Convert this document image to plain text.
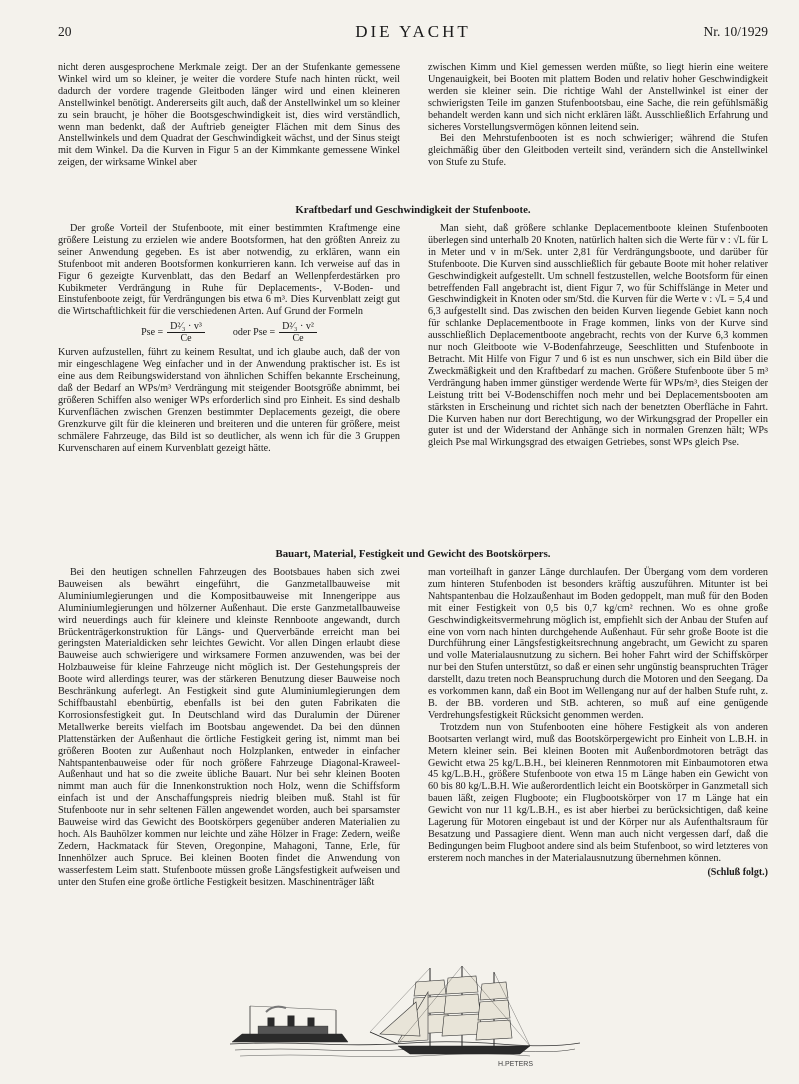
20	DIE YACHT	Nr. 10/1929

nicht deren ausgesprochene Merkmale zeigt. Der an der Stufenkante gemessene Winkel wird um so kleiner, je weiter die vordere Stufe nach hinten rückt, weil dadurch der vordere tragende Gleitboden länger wird und einen kleineren Anstellwinkel benötigt. Andererseits gilt auch, daß der Anstellwinkel um so kleiner zu sein braucht, je höher die Bootsgeschwindigkeit ist, dies wird verständlich, wenn man bedenkt, daß der Auftrieb geneigter Flächen mit dem Sinus des Anstellwinkels und dem Quadrat der Geschwindigkeit wächst, und der Sinus steigt mit dem Winkel. Da die Kurven in Figur 5 an der Kimmkante gemessene Winkel zeigen, der wirksame Winkel aber

zwischen Kimm und Kiel gemessen werden müßte, so liegt hierin eine weitere Ungenauigkeit, bei Booten mit plattem Boden und relativ hoher Geschwindigkeit werden sie kleiner sein. Die richtige Wahl der Anstellwinkel ist einer der schwierigsten Teile im ganzen Stufenbootsbau, eine Sache, die rein gefühlsmäßig behandelt werden kann und sich nicht erklären läßt. Ausschließlich Erfahrung und sicheres Vorstellungsvermögen können leitend sein.

Bei den Mehrstufenbooten ist es noch schwieriger; während die Stufen gleichmäßig über den Gleitboden verteilt sind, verändern sich die Anstellwinkel von Stufe zu Stufe.

Kraftbedarf und Geschwindigkeit der Stufenboote.

Der große Vorteil der Stufenboote, mit einer bestimmten Kraftmenge eine größere Leistung zu erzielen wie andere Bootsformen, hat den größten Anreiz zu seiner Anwendung gegeben. Es ist aber notwendig, zu erklären, wann ein Stufenboot mit anderen Bootsformen konkurrieren kann. Ich verweise auf das in Figur 6 gezeigte Kurvenblatt, das den Bedarf an Wellenpferdestärken pro Kubikmeter Verdrängung in Ruhe für Deplacements-, V-Boden- und Einstufenboote zeigt, für Verdrängungen bis etwa 6 m³. Dies Kurvenblatt zeigt gut die Wirtschaftlichkeit für die verschiedenen Arten. Auf Grund der Formeln

Pse = $\frac{\text{D²⁄₃ · v³}}{Ce}$	oder Pse = $\frac{\text{D²⁄₃ · v²}}{Ce}$

Kurven aufzustellen, führt zu keinem Resultat, und ich glaube auch, daß der von mir eingeschlagene Weg einfacher und in der Anwendung praktischer ist. Es ist eine aus dem Reibungswiderstand von ähnlichen Schiffen bekannte Erscheinung, daß der Bedarf an WPs/m³ Verdrängung mit steigender Bootsgröße abnimmt, bei größeren Schiffen also weniger WPs erforderlich sind pro Einheit. Es sind deshalb Kurvenflächen zwischen Grenzen bestimmter Deplacements gezeigt, die obere Grenzkurve gilt für die kleineren und breiteren und die unteren für größere, meist schmälere Fahrzeuge, das Bild ist so deutlicher, als wenn ich für die 3 Gruppen Kurvenscharen auf einem Kurvenblatt gezeigt hätte.

Man sieht, daß größere schlanke Deplacementboote kleinen Stufenbooten überlegen sind unterhalb 20 Knoten, natürlich halten sich die Werte für v : √L für L in Meter und v in m/Sek. unter 2,81 für Verdrängungsboote, und darüber für Stufenboote. Die Kurven sind ausschließlich für gebaute Boote mit hoher relativer Geschwindigkeit aufgestellt. Um schnell festzustellen, welche Bootsform für einen betreffenden Fall angebracht ist, dient Figur 7, wo für Schiffslänge in Meter und Geschwindigkeit in Knoten oder sm/Std. die Kurven für die Werte v : √L = 5,4 und 6,3 aufgestellt sind. Das zwischen den beiden Kurven liegende Gebiet kann noch für schlanke Deplacementboote in Frage kommen, links von der Kurve sind ausschließlich Deplacementboote angebracht, rechts von der Kurve 6,3 kommen nur noch Gleitboote wie V-Bodenfahrzeuge, Seeschlitten und Stufenboote in Betracht. Mit Hilfe von Figur 7 und 6 ist es nun unschwer, sich ein Bild über die Zweckmäßigkeit und den Kraftbedarf zu machen. Größere Stufenboote über 5 m³ Verdrängung haben immer günstiger werdende Werte für WPs/m³, dies Steigen der Leistung tritt bei V-Bodenschiffen noch mehr und bei Deplacementsbooten am stärksten in Erscheinung und richtet sich nach der benetzten Oberfläche in Fahrt. Die Kurven haben nur dort Berechtigung, wo der Wirkungsgrad der Propeller ein guter ist und der Widerstand der Anhänge sich in normalen Grenzen hält; WPs gleich Pse mal Wirkungsgrad des etwaigen Getriebes, sonst WPs gleich Pse.

Bauart, Material, Festigkeit und Gewicht des Bootskörpers.

Bei den heutigen schnellen Fahrzeugen des Bootsbaues haben sich zwei Bauweisen als bewährt eingeführt, die Ganzmetallbauweise mit Aluminiumlegierungen und die Kompositbauweise mit Innengerippe aus Aluminiumlegierungen und hölzerner Außenhaut. Die erste Ganzmetallbauweise wird neuerdings auch für kleinere und kleinste Rennboote angewandt, durch Brückenträgerkonstruktion für Längs- und Querverbände erreicht man bei geringsten Materialdicken sehr leichtes Gewicht. Vor allen Dingen erlaubt diese Bauweise auch schwierigere und wirksamere Formen anzuwenden, was bei der Holzbauweise für kleine Fahrzeuge nicht möglich ist. Der Gestehungspreis der Boote wird allerdings teurer, was der stärkeren Benutzung dieser Bauweise noch Beschränkung auferlegt. An Festigkeit sind gute Aluminiumlegierungen dem Schiffbaustahl ebenbürtig, ebenfalls ist bei den guten Fabrikaten die Korrosionsfestigkeit gut. In Deutschland wird das Duralumin der Dürener Metallwerke bereits vielfach im Bootsbau angewendet. Da bei den dünnen Plattenstärken der Außenhaut die örtliche Festigkeit gering ist, nimmt man bei größeren Booten zur Außenhaut noch Holzplanken, entweder in einfacher Nahtspantenbauweise oder für noch größere Fahrzeuge Diagonal-Kraweel-Außenhaut und hat so die zweite übliche Bauart. Nur bei sehr kleinen Booten nimmt man auch für die Innenkonstruktion noch Holz, wenn die Schiffsform einfach ist und der Anschaffungspreis niedrig bleiben muß. Stahl ist für Stufenboote nur in sehr seltenen Fällen angewendet worden, auch bei sparsamster Bauweise wird das Gewicht des Bootskörpers gegenüber anderen Materialien zu hoch. Als Bauhölzer kommen nur leichte und zähe Hölzer in Frage: Zedern, weiße Zedern, Hackmatack für Steven, Oregonpine, Mahagoni, Tanne, Erle, für Innenhölzer auch Spruce. Bei kleinen Booten findet die Anwendung von wasserfestem Leim statt. Stufenboote müssen große Längsfestigkeit aufweisen und unter den Stufen eine große örtliche Festigkeit besitzen. Maschinenträger läßt

man vorteilhaft in ganzer Länge durchlaufen. Der Übergang vom dem vorderen zum hinteren Stufenboden ist besonders kräftig auszuführen. Mitunter ist bei Nahtspantenbau die Holzaußenhaut im Boden gedoppelt, man muß für den Boden mit einer Festigkeit von 0,5 bis 0,7 kg/cm² rechnen. Wo es ohne große Geschwindigkeitsvermehrung möglich ist, empfiehlt sich der Anbau der Stufen auf eine von vorn nach hinten durchgehende Außenhaut. Für sehr große Boote ist die Durchführung einer Längsfestigkeitsrechnung angebracht, um Gewicht zu sparen und volle Materialausnutzung zu sichern. Bei hoher Fahrt wird der Schiffskörper nur bei den Stufen unterstützt, so daß er einen sehr ungünstig beanspruchten Träger darstellt, dazu treten noch Beanspruchung durch die Motoren und den Seegang. Da es vorkommen kann, daß ein Boot im Wellengang nur auf der halben Stufe ruht, z. B. der BB. vorderen und StB. achteren, so muß auf eine genügende Verdrehungsfestigkeit Rücksicht genommen werden.

Trotzdem nun von Stufenbooten eine höhere Festigkeit als von anderen Bootsarten verlangt wird, muß das Bootskörpergewicht pro Einheit von L.B.H. in Metern kleiner sein. Bei kleinen Booten mit Außenbordmotoren beträgt das Gewicht etwa 25 kg/L.B.H., bei kleineren Rennmotoren mit Einbaumotoren etwa 45 kg/L.B.H., größere Stufenboote von etwa 15 m Länge haben ein Gewicht von 60 bis 80 kg/L.B.H. Wie außerordentlich leicht ein Bootskörper in Ganzmetall sich bauen läßt, zeigen Flugboote; ein Flugbootskörper von 17 m Länge hat ein Gewicht von nur 11 kg/L.B.H., es ist aber hierbei zu berücksichtigen, daß keine Lagerung für Motoren eingebaut ist und der Körper nur als Aufenthaltsraum für Besatzung und Passagiere dient. Wenn man auch nicht vergessen darf, daß die Bedingungen beim Flugboot andere sind als beim Stufenboot, so wird letzteres von ersterem noch manches in der Materialausnutzung übernehmen können.

(Schluß folgt.)
H.PETERS
